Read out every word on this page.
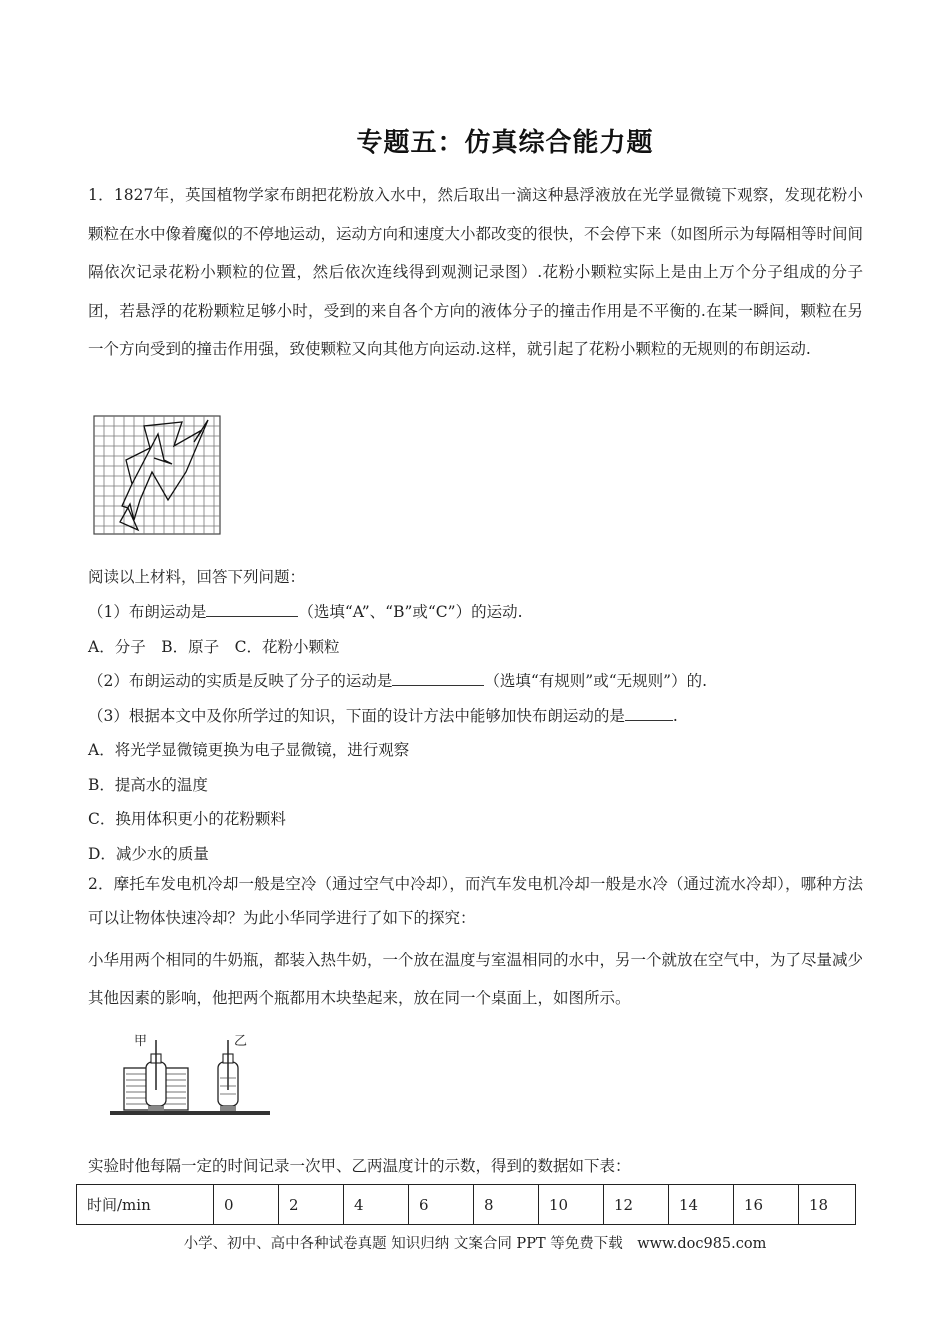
专题五：仿真综合能力题

1．1827年，英国植物学家布朗把花粉放入水中，然后取出一滴这种悬浮液放在光学显微镜下观察，发现花粉小颗粒在水中像着魔似的不停地运动，运动方向和速度大小都改变的很快，不会停下来（如图所示为每隔相等时间间隔依次记录花粉小颗粒的位置，然后依次连线得到观测记录图）.花粉小颗粒实际上是由上万个分子组成的分子团，若悬浮的花粉颗粒足够小时，受到的来自各个方向的液体分子的撞击作用是不平衡的.在某一瞬间，颗粒在另一个方向受到的撞击作用强，致使颗粒又向其他方向运动.这样，就引起了花粉小颗粒的无规则的布朗运动.

阅读以上材料，回答下列问题：
（1）布朗运动是	（选填“A”、“B”或“C”）的运动.
A．分子　B．原子　C．花粉小颗粒
（2）布朗运动的实质是反映了分子的运动是	（选填“有规则”或“无规则”）的.
（3）根据本文中及你所学过的知识，下面的设计方法中能够加快布朗运动的是	.
A．将光学显微镜更换为电子显微镜，进行观察
B．提高水的温度
C．换用体积更小的花粉颗料
D．减少水的质量

2．摩托车发电机冷却一般是空冷（通过空气中冷却），而汽车发电机冷却一般是水冷（通过流水冷却），哪种方法可以让物体快速冷却？为此小华同学进行了如下的探究：

小华用两个相同的牛奶瓶，都装入热牛奶，一个放在温度与室温相同的水中，另一个就放在空气中，为了尽量减少其他因素的影响，他把两个瓶都用木块垫起来，放在同一个桌面上，如图所示。

甲	乙
实验时他每隔一定的时间记录一次甲、乙两温度计的示数，得到的数据如下表：
时间/min	0	2	4	6	8	10	12	14	16	18
小学、初中、高中各种试卷真题 知识归纳 文案合同 PPT 等免费下载　www.doc985.com
